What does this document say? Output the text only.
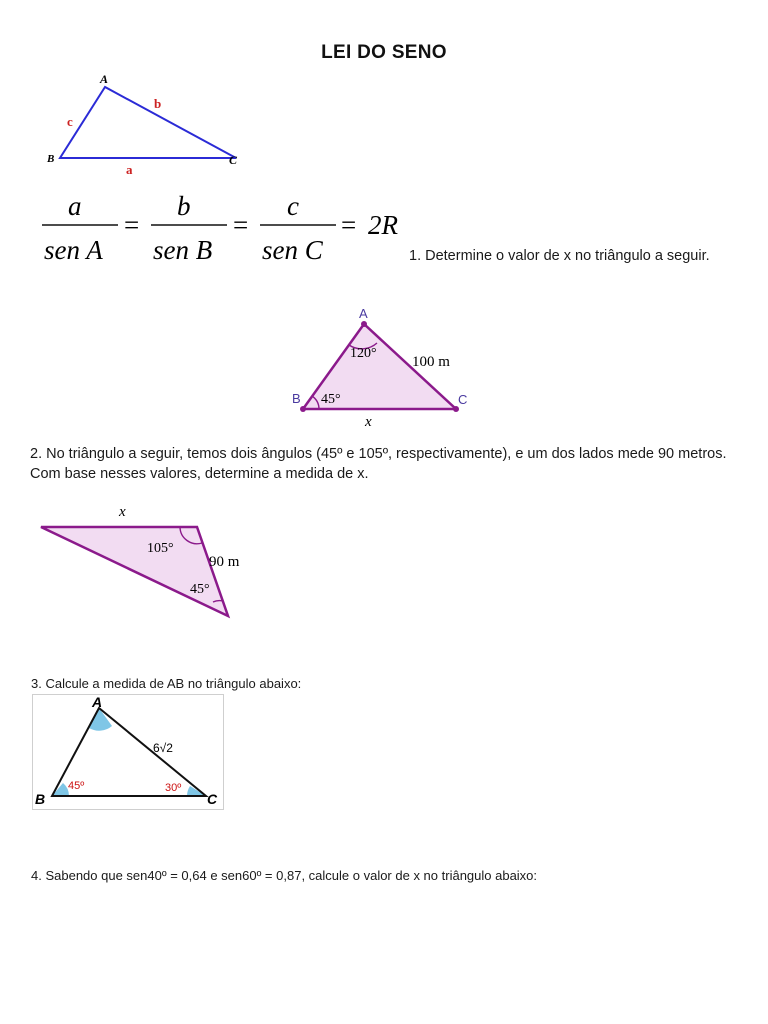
LEI DO SENO
A
B	C
b
c
a
a
sen A
=
b
sen B
=
c
sen C
= 2R
1. Determine o valor de x no triângulo a seguir.
A
B	C
120°
45°
100 m
x
2. No triângulo a seguir, temos dois ângulos (45º e 105º, respectivamente), e um dos lados mede 90 metros. Com base nesses valores, determine a medida de x.
x
105°
90 m
45°
3. Calcule a medida de AB no triângulo abaixo:
A
B	C
45º	30º
6√2
4. Sabendo que sen40º = 0,64 e sen60º = 0,87, calcule o valor de x no triângulo abaixo:
